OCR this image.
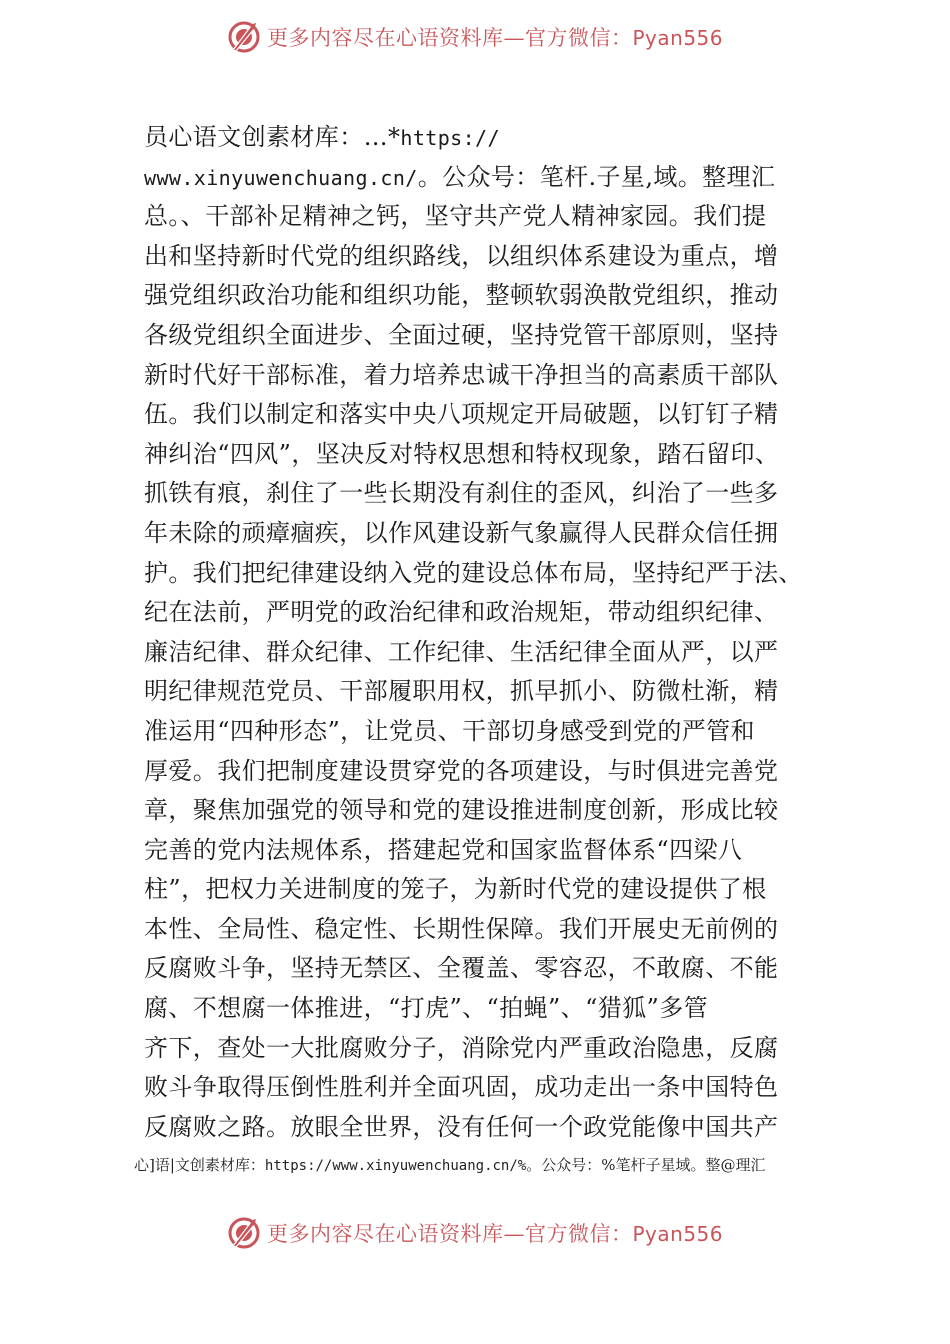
更多内容尽在心语资料库—官方微信：Pyan556
员心语文创素材库：…*https://
www.xinyuwenchuang.cn/。公众号：笔杆.子星,域。整理汇
总。、干部补足精神之钙，坚守共产党人精神家园。我们提
出和坚持新时代党的组织路线，以组织体系建设为重点，增
强党组织政治功能和组织功能，整顿软弱涣散党组织，推动
各级党组织全面进步、全面过硬，坚持党管干部原则，坚持
新时代好干部标准，着力培养忠诚干净担当的高素质干部队
伍。我们以制定和落实中央八项规定开局破题，以钉钉子精
神纠治“四风”，坚决反对特权思想和特权现象，踏石留印、
抓铁有痕，刹住了一些长期没有刹住的歪风，纠治了一些多
年未除的顽瘴痼疾，以作风建设新气象赢得人民群众信任拥
护。我们把纪律建设纳入党的建设总体布局，坚持纪严于法、
纪在法前，严明党的政治纪律和政治规矩，带动组织纪律、
廉洁纪律、群众纪律、工作纪律、生活纪律全面从严，以严
明纪律规范党员、干部履职用权，抓早抓小、防微杜渐，精
准运用“四种形态”，让党员、干部切身感受到党的严管和
厚爱。我们把制度建设贯穿党的各项建设，与时俱进完善党
章，聚焦加强党的领导和党的建设推进制度创新，形成比较
完善的党内法规体系，搭建起党和国家监督体系“四梁八
柱”，把权力关进制度的笼子，为新时代党的建设提供了根
本性、全局性、稳定性、长期性保障。我们开展史无前例的
反腐败斗争，坚持无禁区、全覆盖、零容忍，不敢腐、不能
腐、不想腐一体推进，“打虎”、“拍蝇”、“猎狐”多管
齐下，查处一大批腐败分子，消除党内严重政治隐患，反腐
败斗争取得压倒性胜利并全面巩固，成功走出一条中国特色
反腐败之路。放眼全世界，没有任何一个政党能像中国共产
心]语|文创素材库：https://www.xinyuwenchuang.cn/%。公众号：%笔杆子星域。整@理汇
更多内容尽在心语资料库—官方微信：Pyan556
